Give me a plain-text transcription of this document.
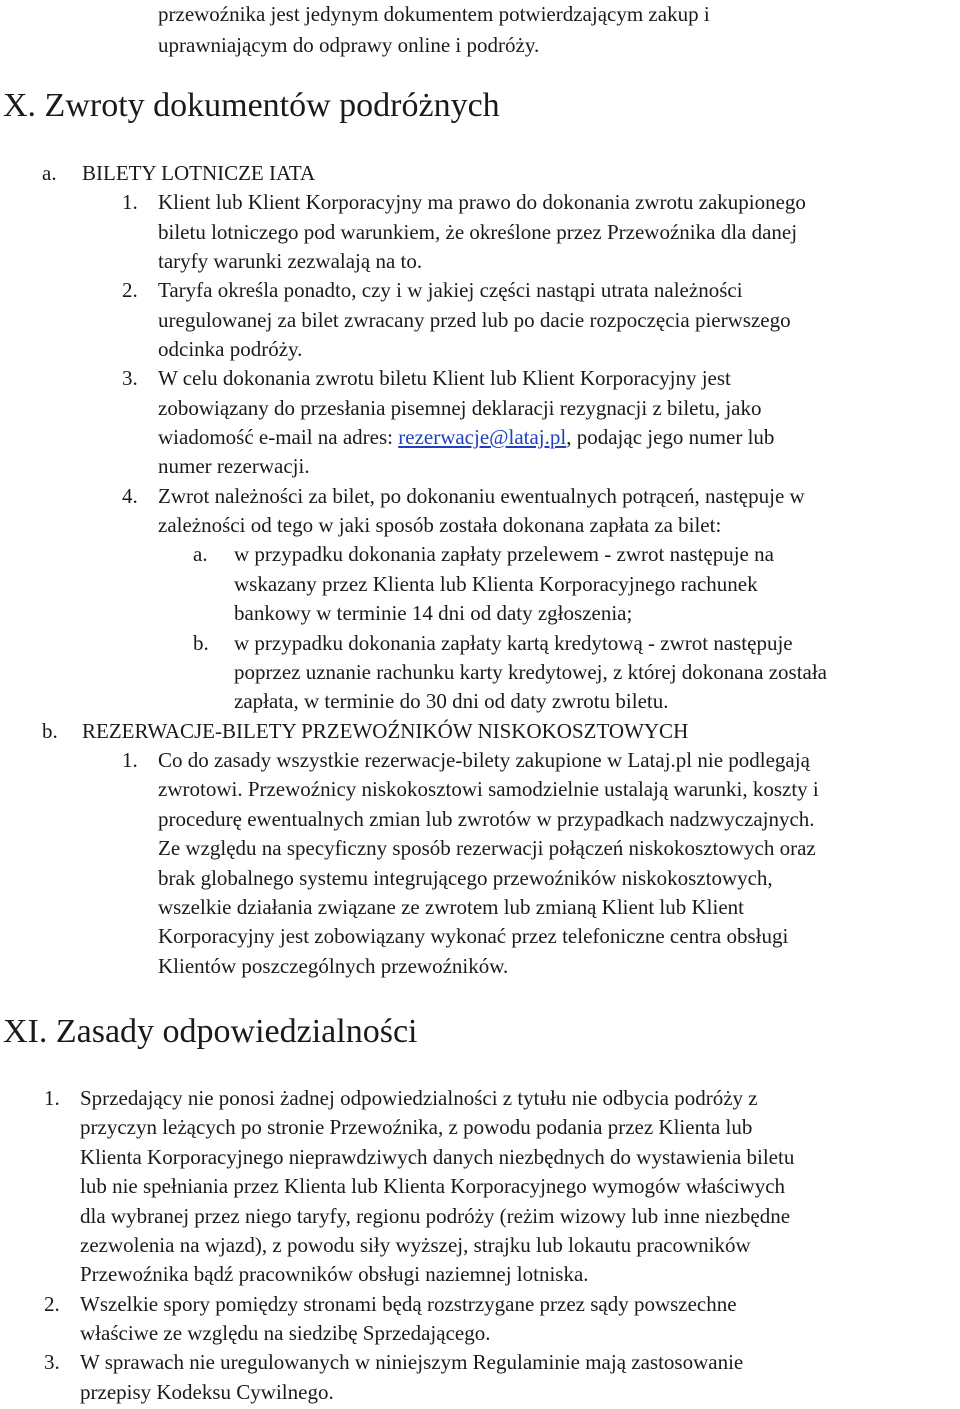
przewoźnika jest jedynym dokumentem potwierdzającym zakup i
uprawniającym do odprawy online i podróży.
X. Zwroty dokumentów podróżnych
a. BILETY LOTNICZE IATA
1. Klient lub Klient Korporacyjny ma prawo do dokonania zwrotu zakupionego
biletu lotniczego pod warunkiem, że określone przez Przewoźnika dla danej
taryfy warunki zezwalają na to.
2. Taryfa określa ponadto, czy i w jakiej części nastąpi utrata należności
uregulowanej za bilet zwracany przed lub po dacie rozpoczęcia pierwszego
odcinka podróży.
3. W celu dokonania zwrotu biletu Klient lub Klient Korporacyjny jest
zobowiązany do przesłania pisemnej deklaracji rezygnacji z biletu, jako
wiadomość e-mail na adres: rezerwacje@lataj.pl, podając jego numer lub
numer rezerwacji.
4. Zwrot należności za bilet, po dokonaniu ewentualnych potrąceń, następuje w
zależności od tego w jaki sposób została dokonana zapłata za bilet:
a. w przypadku dokonania zapłaty przelewem - zwrot następuje na
wskazany przez Klienta lub Klienta Korporacyjnego rachunek
bankowy w terminie 14 dni od daty zgłoszenia;
b. w przypadku dokonania zapłaty kartą kredytową - zwrot następuje
poprzez uznanie rachunku karty kredytowej, z której dokonana została
zapłata, w terminie do 30 dni od daty zwrotu biletu.
b. REZERWACJE-BILETY PRZEWOŹNIKÓW NISKOKOSZTOWYCH
1. Co do zasady wszystkie rezerwacje-bilety zakupione w Lataj.pl nie podlegają
zwrotowi. Przewoźnicy niskokosztowi samodzielnie ustalają warunki, koszty i
procedurę ewentualnych zmian lub zwrotów w przypadkach nadzwyczajnych.
Ze względu na specyficzny sposób rezerwacji połączeń niskokosztowych oraz
brak globalnego systemu integrującego przewoźników niskokosztowych,
wszelkie działania związane ze zwrotem lub zmianą Klient lub Klient
Korporacyjny jest zobowiązany wykonać przez telefoniczne centra obsługi
Klientów poszczególnych przewoźników.
XI. Zasady odpowiedzialności
1. Sprzedający nie ponosi żadnej odpowiedzialności z tytułu nie odbycia podróży z
przyczyn leżących po stronie Przewoźnika, z powodu podania przez Klienta lub
Klienta Korporacyjnego nieprawdziwych danych niezbędnych do wystawienia biletu
lub nie spełniania przez Klienta lub Klienta Korporacyjnego wymogów właściwych
dla wybranej przez niego taryfy, regionu podróży (reżim wizowy lub inne niezbędne
zezwolenia na wjazd), z powodu siły wyższej, strajku lub lokautu pracowników
Przewoźnika bądź pracowników obsługi naziemnej lotniska.
2. Wszelkie spory pomiędzy stronami będą rozstrzygane przez sądy powszechne
właściwe ze względu na siedzibę Sprzedającego.
3. W sprawach nie uregulowanych w niniejszym Regulaminie mają zastosowanie
przepisy Kodeksu Cywilnego.
